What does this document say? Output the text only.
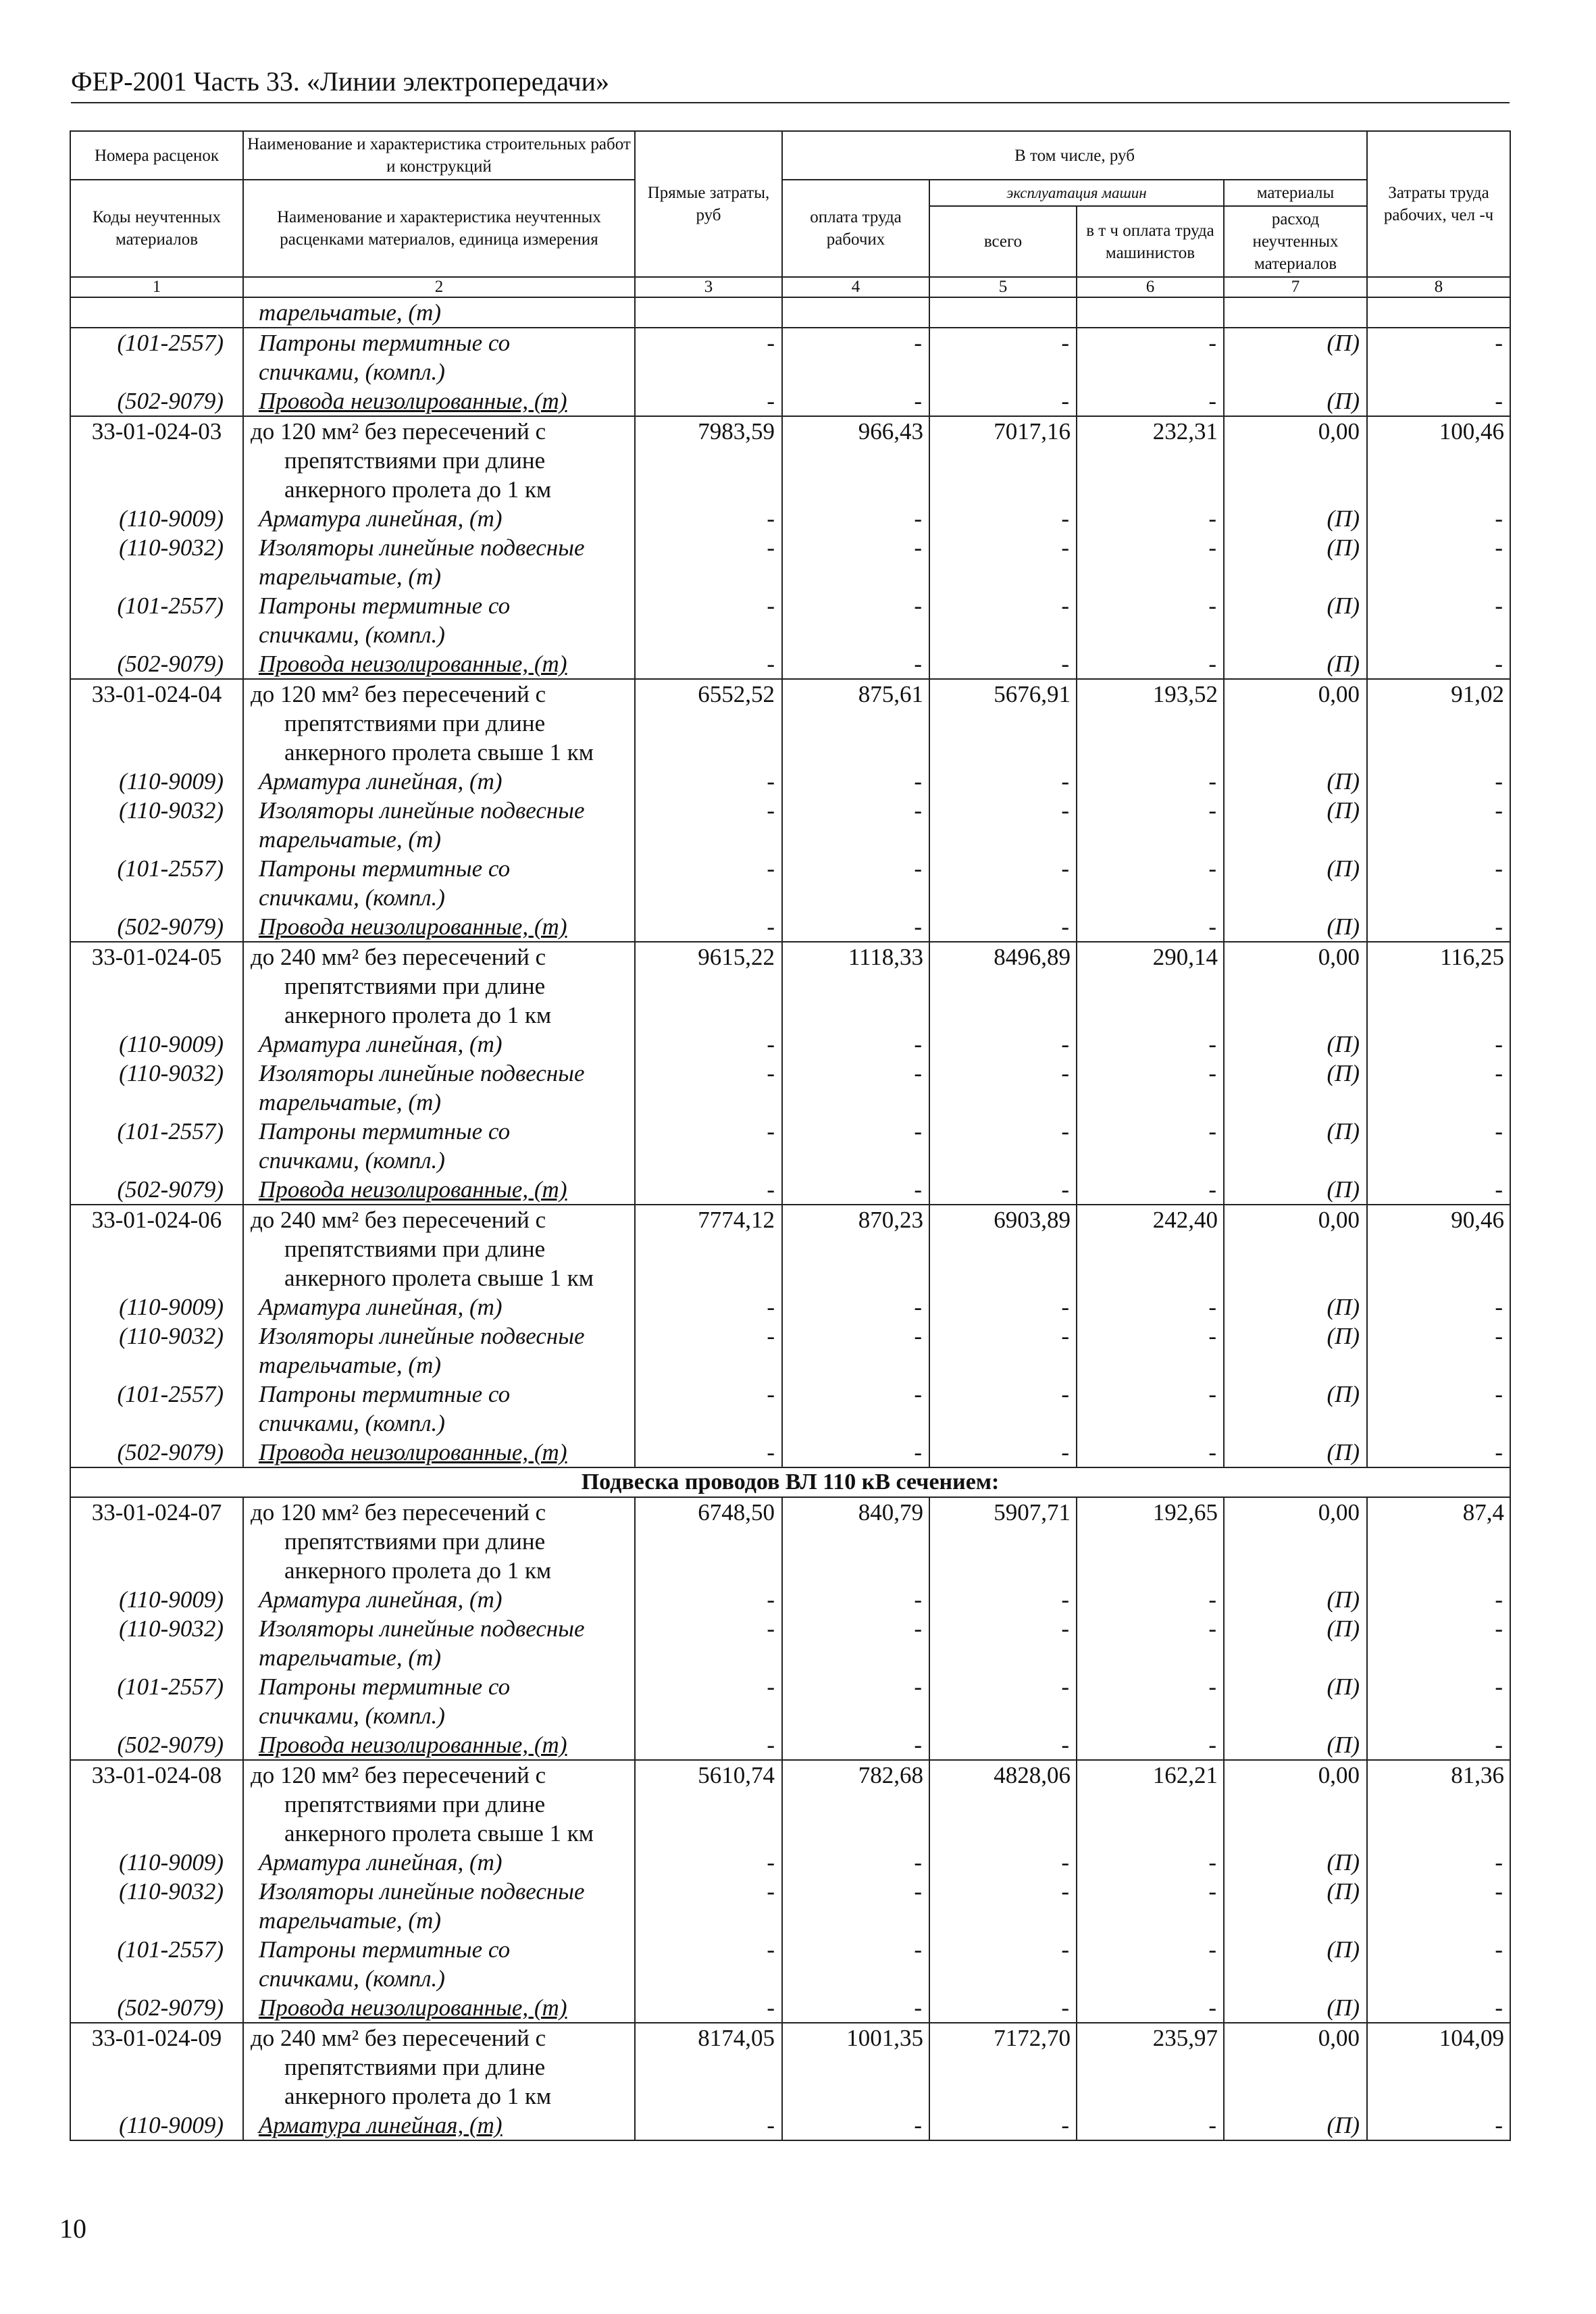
ФЕР-2001 Часть 33. «Линии электропередачи»
Номера расценок	Наименование и характеристика строительных работ и конструкций	Прямые затраты, руб	В том числе, руб				Затраты труда рабочих, чел -ч
Коды неучтенных материалов	Наименование и характеристика неучтенных расценками материалов, единица измерения		оплата труда рабочих	эксплуатация машин		материалы	
				всего	в т ч оплата труда машинистов	расход неучтенных материалов	
1	2	3	4	5	6	7	8
	тарельчатые, (т)						
(101-2557)	Патроны термитные со
спичками, (компл.)	-	-	-	-	(П)	-
(502-9079)	Провода неизолированные, (т)	-	-	-	-	(П)	-
33-01-024-03	до 120 мм² без пересечений с препятствиями при длине анкерного пролета до 1 км	7983,59	966,43	7017,16	232,31	0,00	100,46
(110-9009)	Арматура линейная, (т)	-	-	-	-	(П)	-
(110-9032)	Изоляторы линейные подвесные
тарельчатые, (т)	-	-	-	-	(П)	-
(101-2557)	Патроны термитные со
спичками, (компл.)	-	-	-	-	(П)	-
(502-9079)	Провода неизолированные, (т)	-	-	-	-	(П)	-
33-01-024-04	до 120 мм² без пересечений с препятствиями при длине анкерного пролета свыше 1 км	6552,52	875,61	5676,91	193,52	0,00	91,02
(110-9009)	Арматура линейная, (т)	-	-	-	-	(П)	-
(110-9032)	Изоляторы линейные подвесные
тарельчатые, (т)	-	-	-	-	(П)	-
(101-2557)	Патроны термитные со
спичками, (компл.)	-	-	-	-	(П)	-
(502-9079)	Провода неизолированные, (т)	-	-	-	-	(П)	-
33-01-024-05	до 240 мм² без пересечений с препятствиями при длине анкерного пролета до 1 км	9615,22	1118,33	8496,89	290,14	0,00	116,25
(110-9009)	Арматура линейная, (т)	-	-	-	-	(П)	-
(110-9032)	Изоляторы линейные подвесные
тарельчатые, (т)	-	-	-	-	(П)	-
(101-2557)	Патроны термитные со
спичками, (компл.)	-	-	-	-	(П)	-
(502-9079)	Провода неизолированные, (т)	-	-	-	-	(П)	-
33-01-024-06	до 240 мм² без пересечений с препятствиями при длине анкерного пролета свыше 1 км	7774,12	870,23	6903,89	242,40	0,00	90,46
(110-9009)	Арматура линейная, (т)	-	-	-	-	(П)	-
(110-9032)	Изоляторы линейные подвесные
тарельчатые, (т)	-	-	-	-	(П)	-
(101-2557)	Патроны термитные со
спичками, (компл.)	-	-	-	-	(П)	-
(502-9079)	Провода неизолированные, (т)	-	-	-	-	(П)	-
Подвеска проводов ВЛ 110 кВ сечением:							
33-01-024-07	до 120 мм² без пересечений с препятствиями при длине анкерного пролета до 1 км	6748,50	840,79	5907,71	192,65	0,00	87,4
(110-9009)	Арматура линейная, (т)	-	-	-	-	(П)	-
(110-9032)	Изоляторы линейные подвесные
тарельчатые, (т)	-	-	-	-	(П)	-
(101-2557)	Патроны термитные со
спичками, (компл.)	-	-	-	-	(П)	-
(502-9079)	Провода неизолированные, (т)	-	-	-	-	(П)	-
33-01-024-08	до 120 мм² без пересечений с препятствиями при длине анкерного пролета свыше 1 км	5610,74	782,68	4828,06	162,21	0,00	81,36
(110-9009)	Арматура линейная, (т)	-	-	-	-	(П)	-
(110-9032)	Изоляторы линейные подвесные
тарельчатые, (т)	-	-	-	-	(П)	-
(101-2557)	Патроны термитные со
спичками, (компл.)	-	-	-	-	(П)	-
(502-9079)	Провода неизолированные, (т)	-	-	-	-	(П)	-
33-01-024-09	до 240 мм² без пересечений с препятствиями при длине анкерного пролета до 1 км	8174,05	1001,35	7172,70	235,97	0,00	104,09
(110-9009)	Арматура линейная, (т)	-	-	-	-	(П)	-
10
